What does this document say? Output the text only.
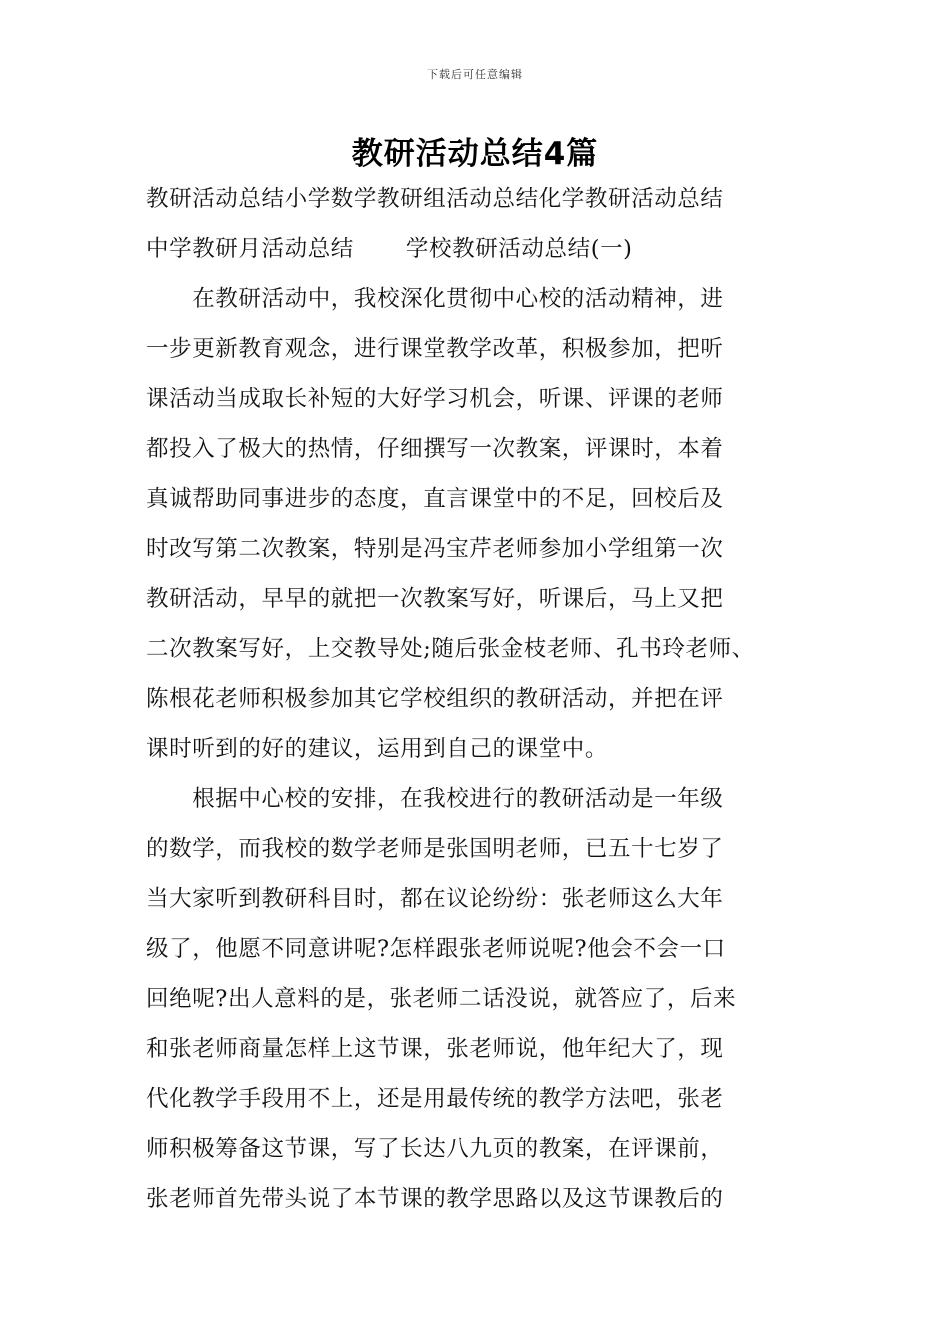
下载后可任意编辑
教研活动总结4篇
教研活动总结小学数学教研组活动总结化学教研活动总结
中学教研月活动总结 学校教研活动总结(一)
　　在教研活动中，我校深化贯彻中心校的活动精神，进
一步更新教育观念，进行课堂教学改革，积极参加，把听
课活动当成取长补短的大好学习机会，听课、评课的老师
都投入了极大的热情，仔细撰写一次教案，评课时，本着
真诚帮助同事进步的态度，直言课堂中的不足，回校后及
时改写第二次教案，特别是冯宝芹老师参加小学组第一次
教研活动，早早的就把一次教案写好，听课后，马上又把
二次教案写好，上交教导处;随后张金枝老师、孔书玲老师、
陈根花老师积极参加其它学校组织的教研活动，并把在评
课时听到的好的建议，运用到自己的课堂中。
　　根据中心校的安排，在我校进行的教研活动是一年级
的数学，而我校的数学老师是张国明老师，已五十七岁了
当大家听到教研科目时，都在议论纷纷：张老师这么大年
级了，他愿不同意讲呢?怎样跟张老师说呢?他会不会一口
回绝呢?出人意料的是，张老师二话没说，就答应了，后来
和张老师商量怎样上这节课，张老师说，他年纪大了，现
代化教学手段用不上，还是用最传统的教学方法吧，张老
师积极筹备这节课，写了长达八九页的教案，在评课前，
张老师首先带头说了本节课的教学思路以及这节课教后的
